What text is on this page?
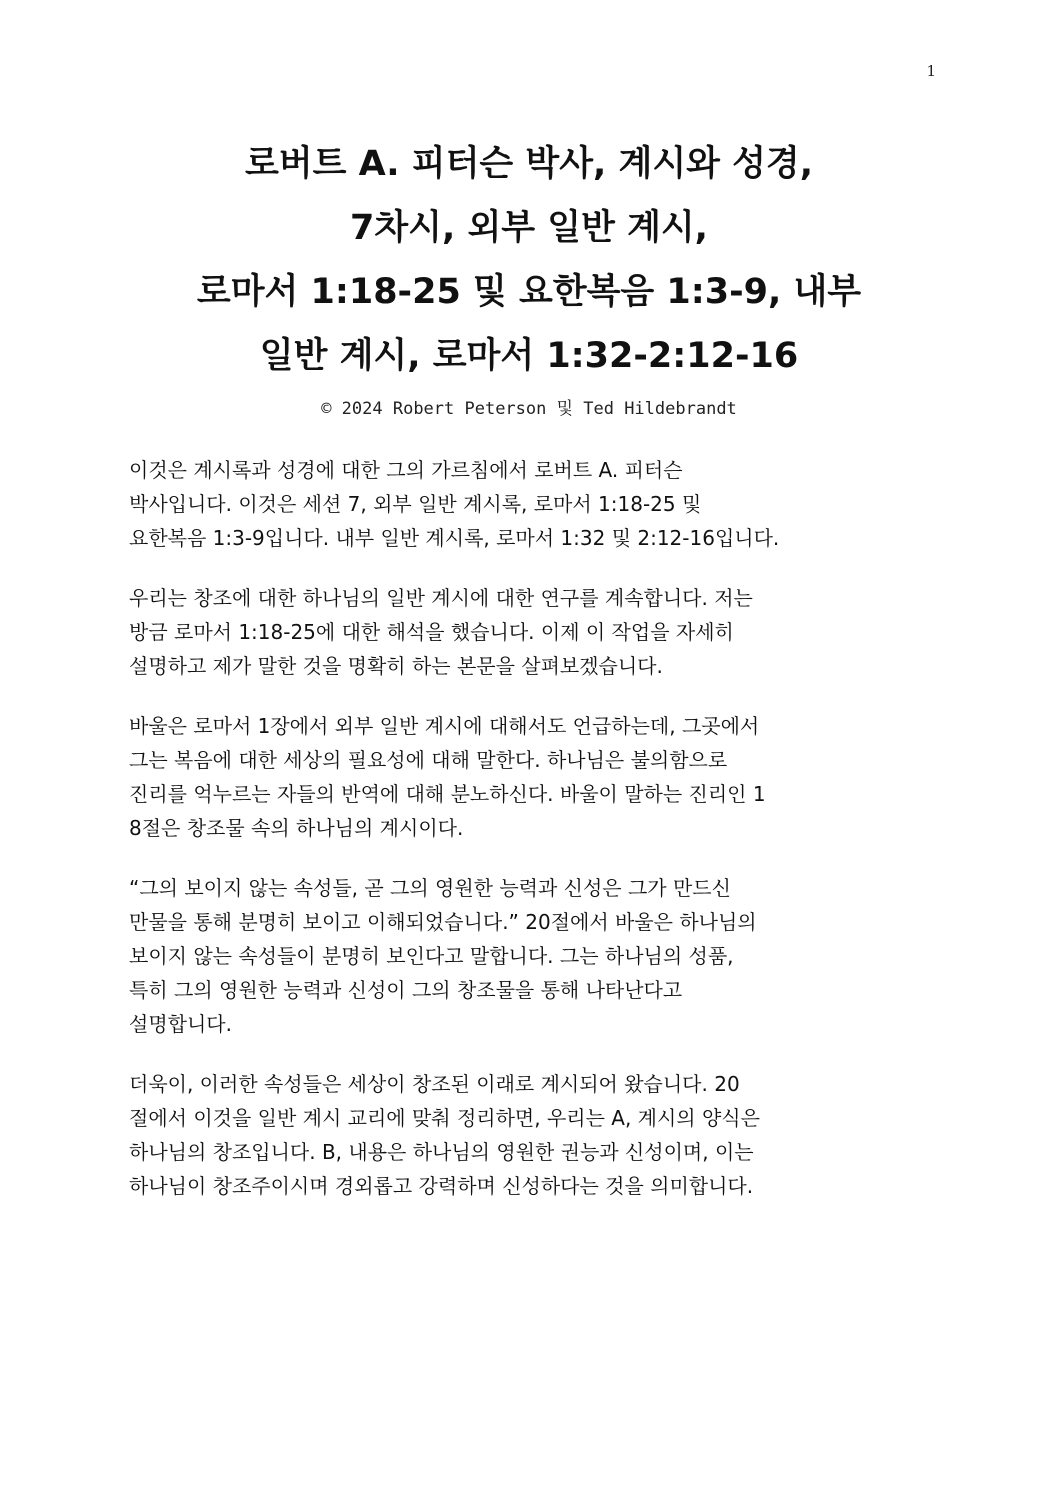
1
로버트 A. 피터슨 박사, 계시와 성경,
7차시, 외부 일반 계시,
로마서 1:18-25 및 요한복음 1:3-9, 내부
일반 계시, 로마서 1:32-2:12-16
© 2024 Robert Peterson 및 Ted Hildebrandt

이것은 계시록과 성경에 대한 그의 가르침에서 로버트 A. 피터슨
박사입니다. 이것은 세션 7, 외부 일반 계시록, 로마서 1:18-25 및
요한복음 1:3-9입니다. 내부 일반 계시록, 로마서 1:32 및 2:12-16입니다.

우리는 창조에 대한 하나님의 일반 계시에 대한 연구를 계속합니다. 저는
방금 로마서 1:18-25에 대한 해석을 했습니다. 이제 이 작업을 자세히
설명하고 제가 말한 것을 명확히 하는 본문을 살펴보겠습니다.

바울은 로마서 1장에서 외부 일반 계시에 대해서도 언급하는데, 그곳에서
그는 복음에 대한 세상의 필요성에 대해 말한다. 하나님은 불의함으로
진리를 억누르는 자들의 반역에 대해 분노하신다. 바울이 말하는 진리인 1
8절은 창조물 속의 하나님의 계시이다.

“그의 보이지 않는 속성들, 곧 그의 영원한 능력과 신성은 그가 만드신
만물을 통해 분명히 보이고 이해되었습니다.” 20절에서 바울은 하나님의
보이지 않는 속성들이 분명히 보인다고 말합니다. 그는 하나님의 성품,
특히 그의 영원한 능력과 신성이 그의 창조물을 통해 나타난다고
설명합니다.

더욱이, 이러한 속성들은 세상이 창조된 이래로 계시되어 왔습니다. 20
절에서 이것을 일반 계시 교리에 맞춰 정리하면, 우리는 A, 계시의 양식은
하나님의 창조입니다. B, 내용은 하나님의 영원한 권능과 신성이며, 이는
하나님이 창조주이시며 경외롭고 강력하며 신성하다는 것을 의미합니다.
